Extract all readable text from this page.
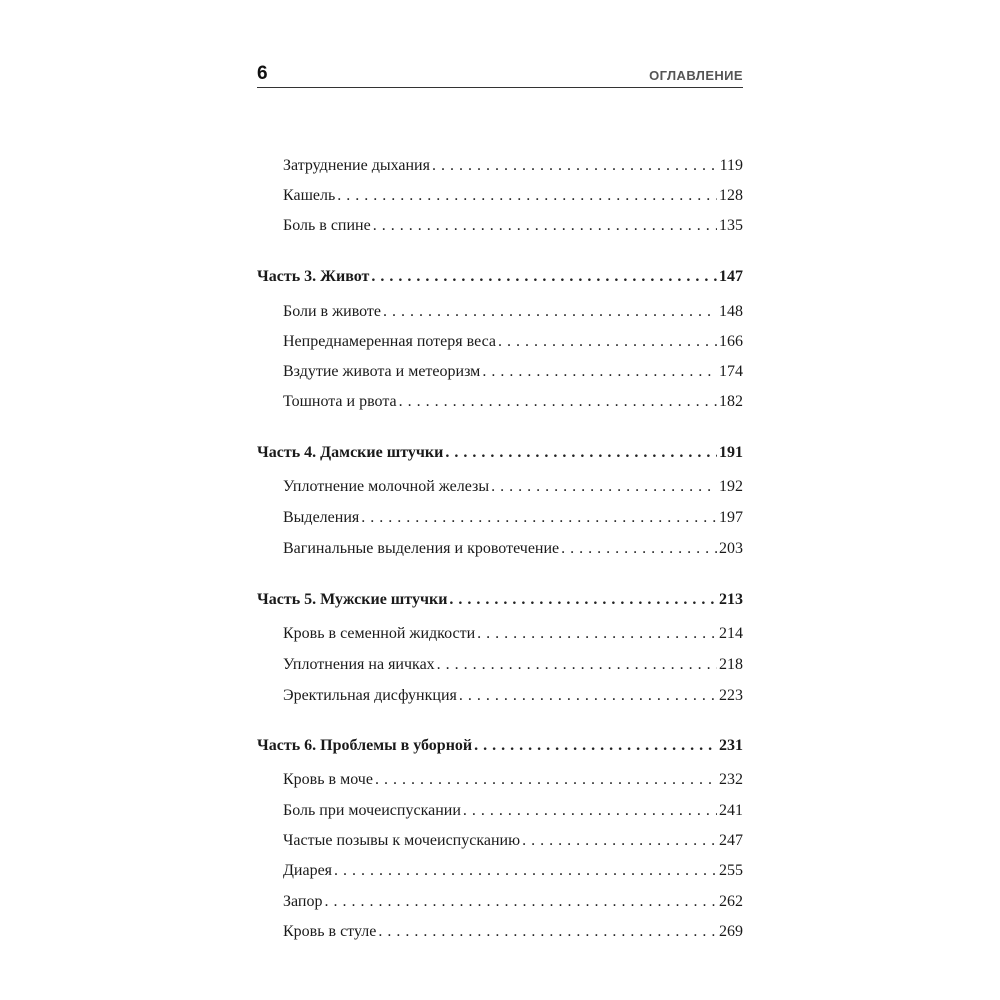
6	ОГЛАВЛЕНИЕ
Затруднение дыхания . . .	119
Кашель . . .	128
Боль в спине . . .	135
Часть 3. Живот . . .	147
Боли в животе . . .	148
Непреднамеренная потеря веса . . .	166
Вздутие живота и метеоризм . . .	174
Тошнота и рвота . . .	182
Часть 4. Дамские штучки . . .	191
Уплотнение молочной железы . . .	192
Выделения . . .	197
Вагинальные выделения и кровотечение . . .	203
Часть 5. Мужские штучки . . .	213
Кровь в семенной жидкости . . .	214
Уплотнения на яичках . . .	218
Эректильная дисфункция . . .	223
Часть 6. Проблемы в уборной . . .	231
Кровь в моче . . .	232
Боль при мочеиспускании . . .	241
Частые позывы к мочеиспусканию . . .	247
Диарея . . .	255
Запор . . .	262
Кровь в стуле . . .	269
